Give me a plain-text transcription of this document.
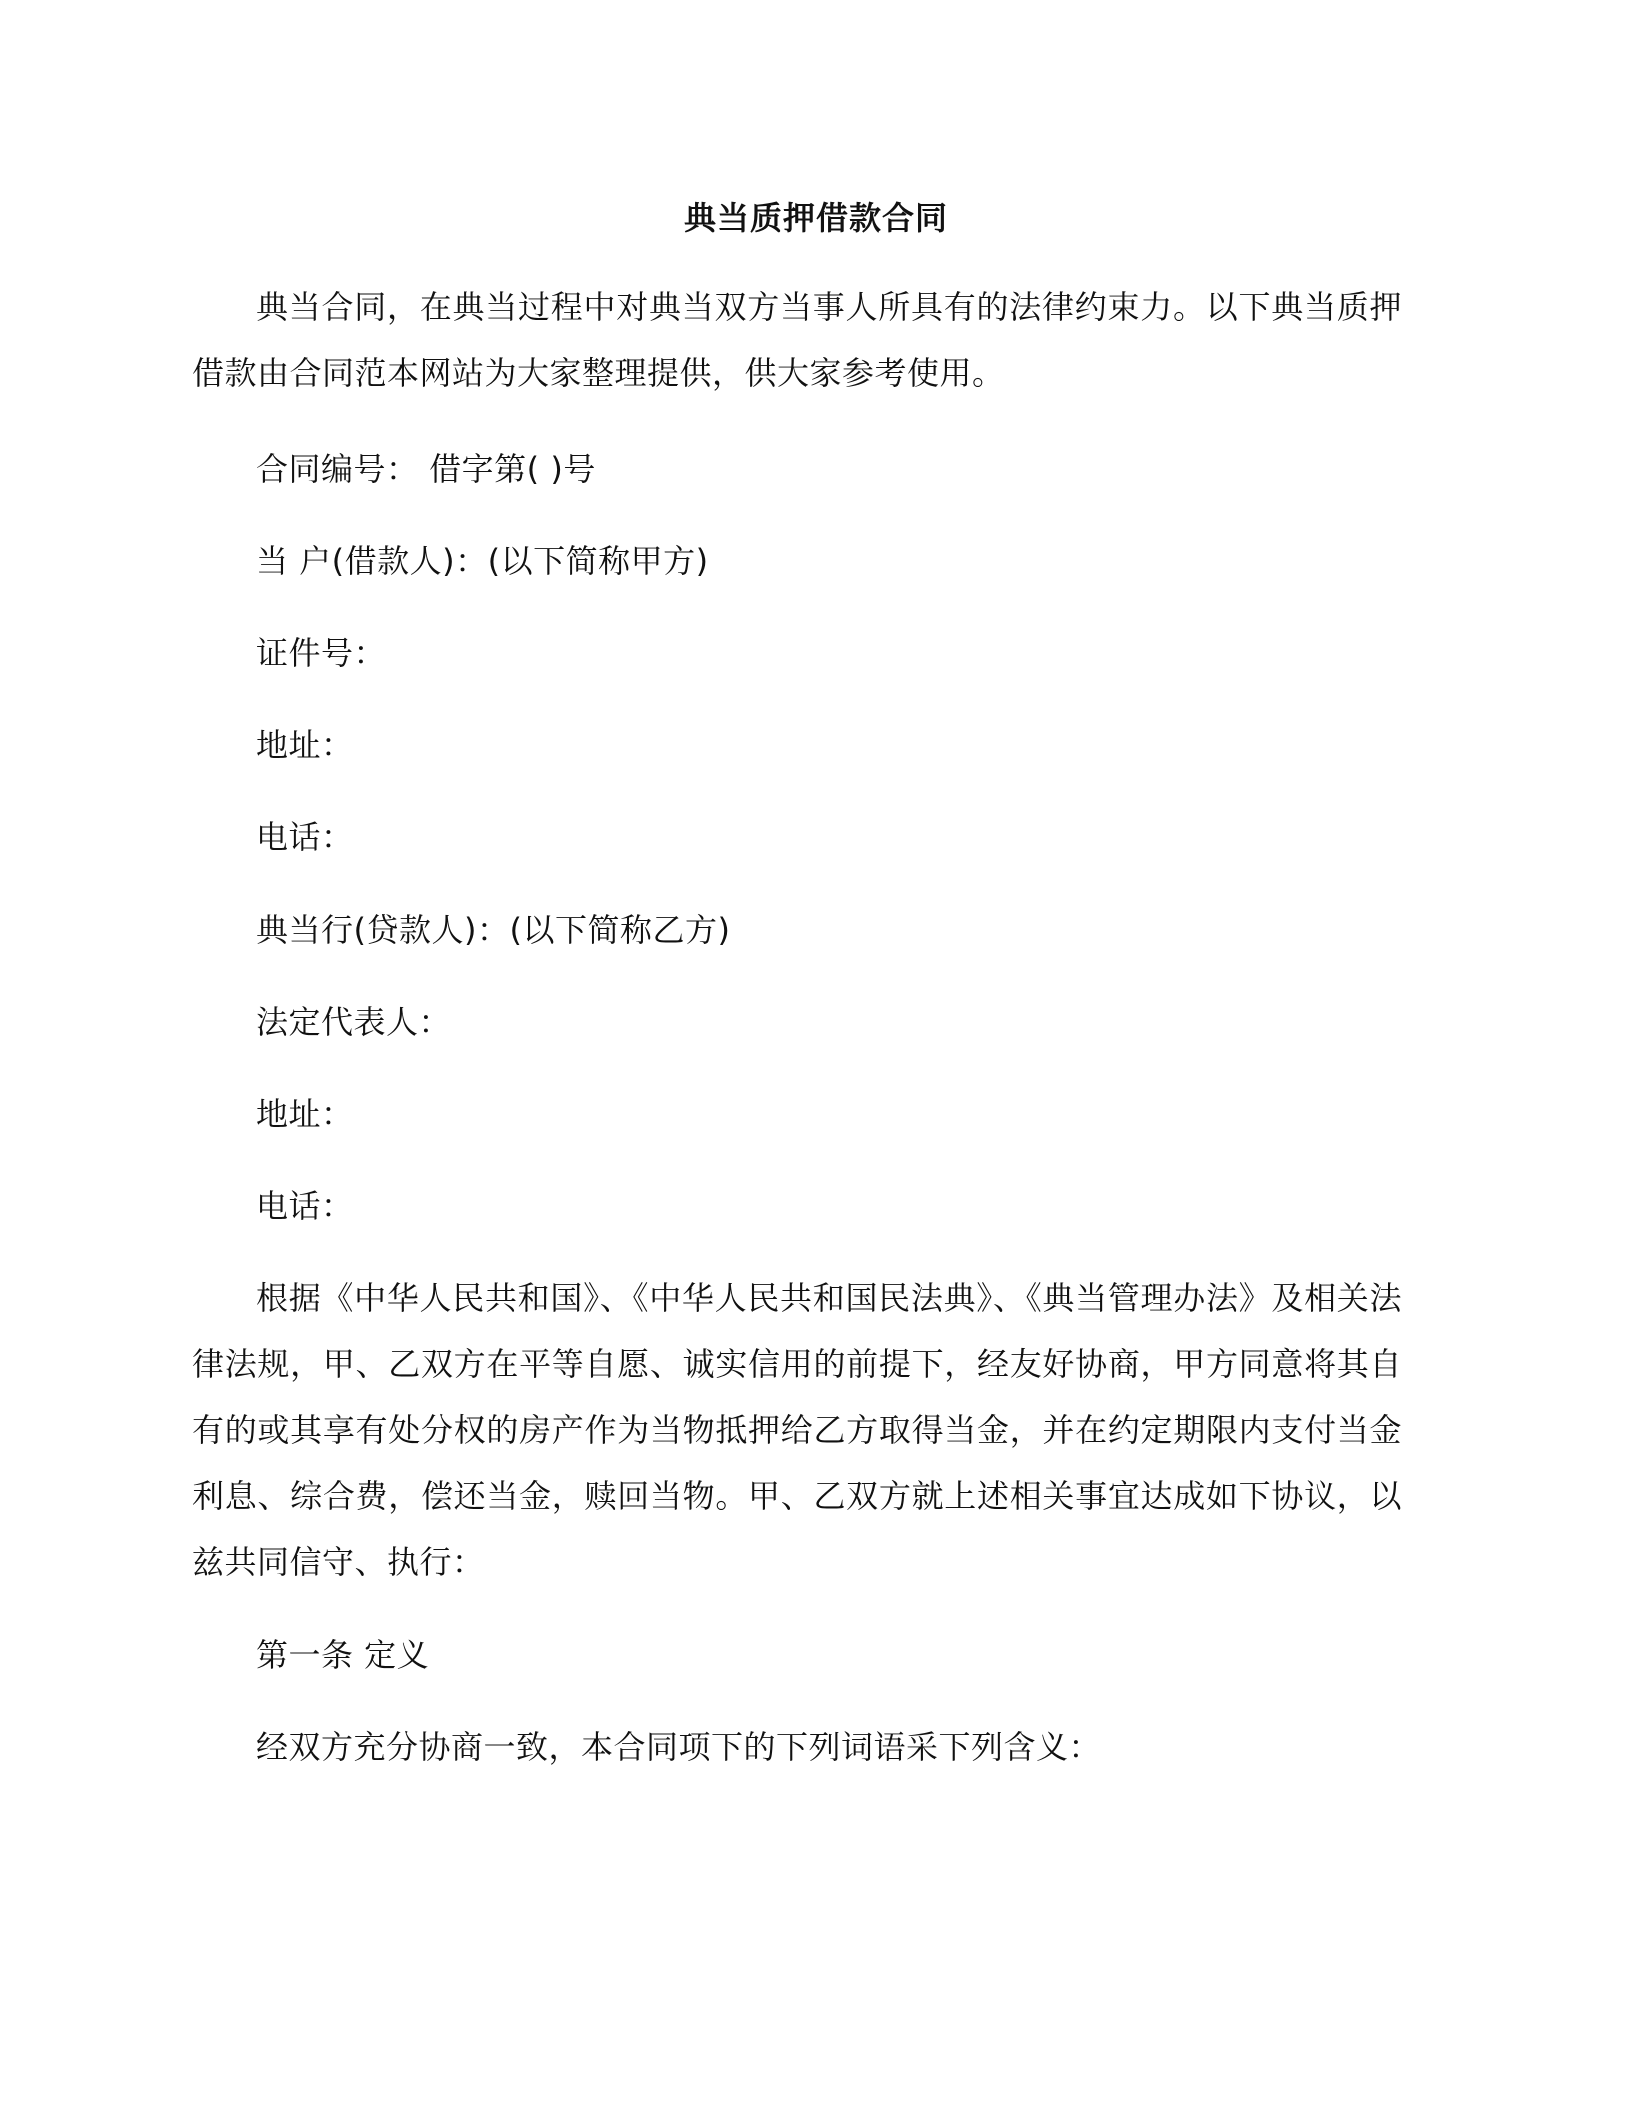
典当质押借款合同

典当合同，在典当过程中对典当双方当事人所具有的法律约束力。以下典当质押借款由合同范本网站为大家整理提供，供大家参考使用。

合同编号： 借字第( )号
当 户(借款人)：(以下简称甲方)
证件号：
地址：
电话：
典当行(贷款人)：(以下简称乙方)
法定代表人：
地址：
电话：

根据《中华人民共和国》、《中华人民共和国民法典》、《典当管理办法》及相关法律法规，甲、乙双方在平等自愿、诚实信用的前提下，经友好协商，甲方同意将其自有的或其享有处分权的房产作为当物抵押给乙方取得当金，并在约定期限内支付当金利息、综合费，偿还当金，赎回当物。甲、乙双方就上述相关事宜达成如下协议，以兹共同信守、执行：

第一条 定义
经双方充分协商一致，本合同项下的下列词语采下列含义：
